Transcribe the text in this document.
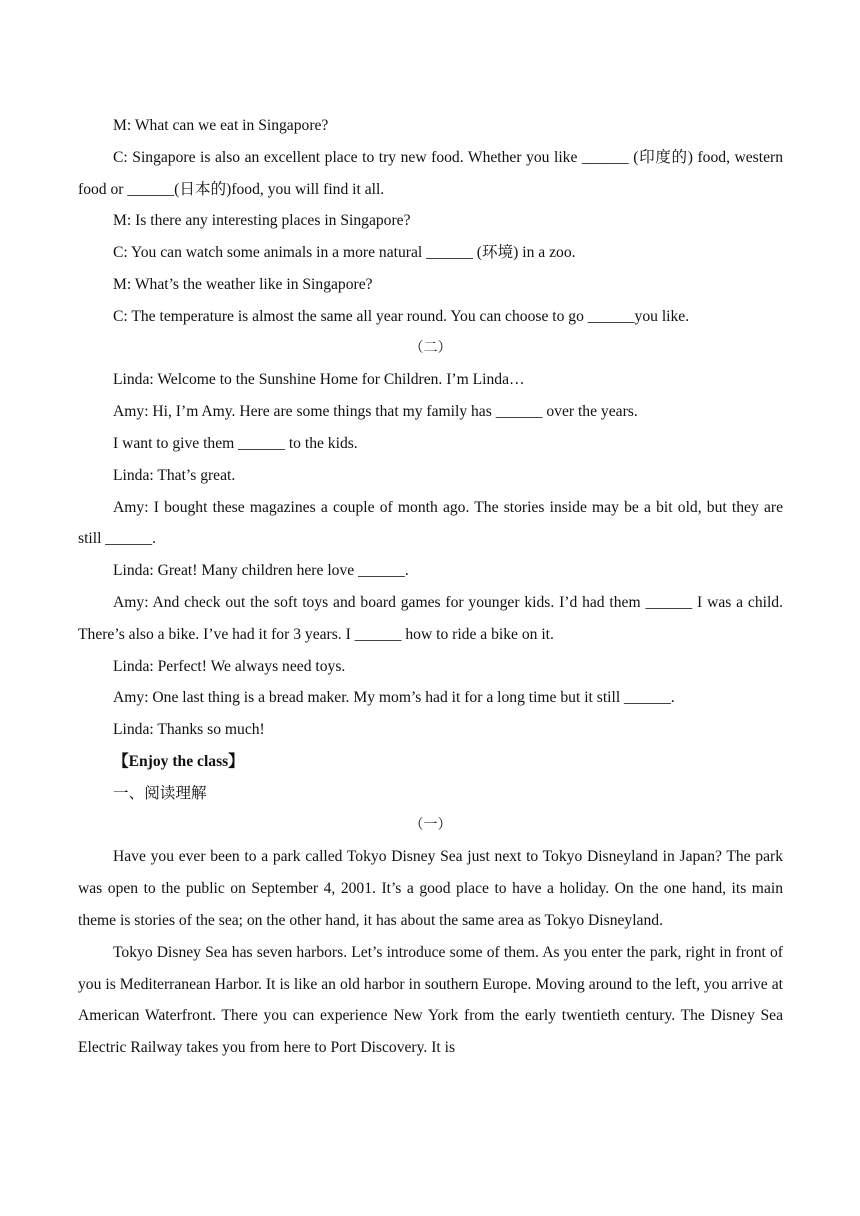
M: What can we eat in Singapore?

C: Singapore is also an excellent place to try new food. Whether you like ______ (印度的) food, western food or ______(日本的)food, you will find it all.

M: Is there any interesting places in Singapore?

C: You can watch some animals in a more natural ______ (环境) in a zoo.

M: What’s the weather like in Singapore?

C: The temperature is almost the same all year round. You can choose to go ______you like.

（二）

Linda: Welcome to the Sunshine Home for Children. I’m Linda…

Amy: Hi, I’m Amy. Here are some things that my family has ______ over the years.

I want to give them ______ to the kids.

Linda: That’s great.

Amy: I bought these magazines a couple of month ago. The stories inside may be a bit old, but they are still ______.

Linda: Great! Many children here love ______.

Amy: And check out the soft toys and board games for younger kids. I’d had them ______ I was a child. There’s also a bike. I’ve had it for 3 years. I ______ how to ride a bike on it.

Linda: Perfect! We always need toys.

Amy: One last thing is a bread maker. My mom’s had it for a long time but it still ______.

Linda: Thanks so much!

【Enjoy the class】

一、阅读理解

（一）

Have you ever been to a park called Tokyo Disney Sea just next to Tokyo Disneyland in Japan? The park was open to the public on September 4, 2001. It’s a good place to have a holiday. On the one hand, its main theme is stories of the sea; on the other hand, it has about the same area as Tokyo Disneyland.

Tokyo Disney Sea has seven harbors. Let’s introduce some of them. As you enter the park, right in front of you is Mediterranean Harbor. It is like an old harbor in southern Europe. Moving around to the left, you arrive at American Waterfront. There you can experience New York from the early twentieth century. The Disney Sea Electric Railway takes you from here to Port Discovery. It is
